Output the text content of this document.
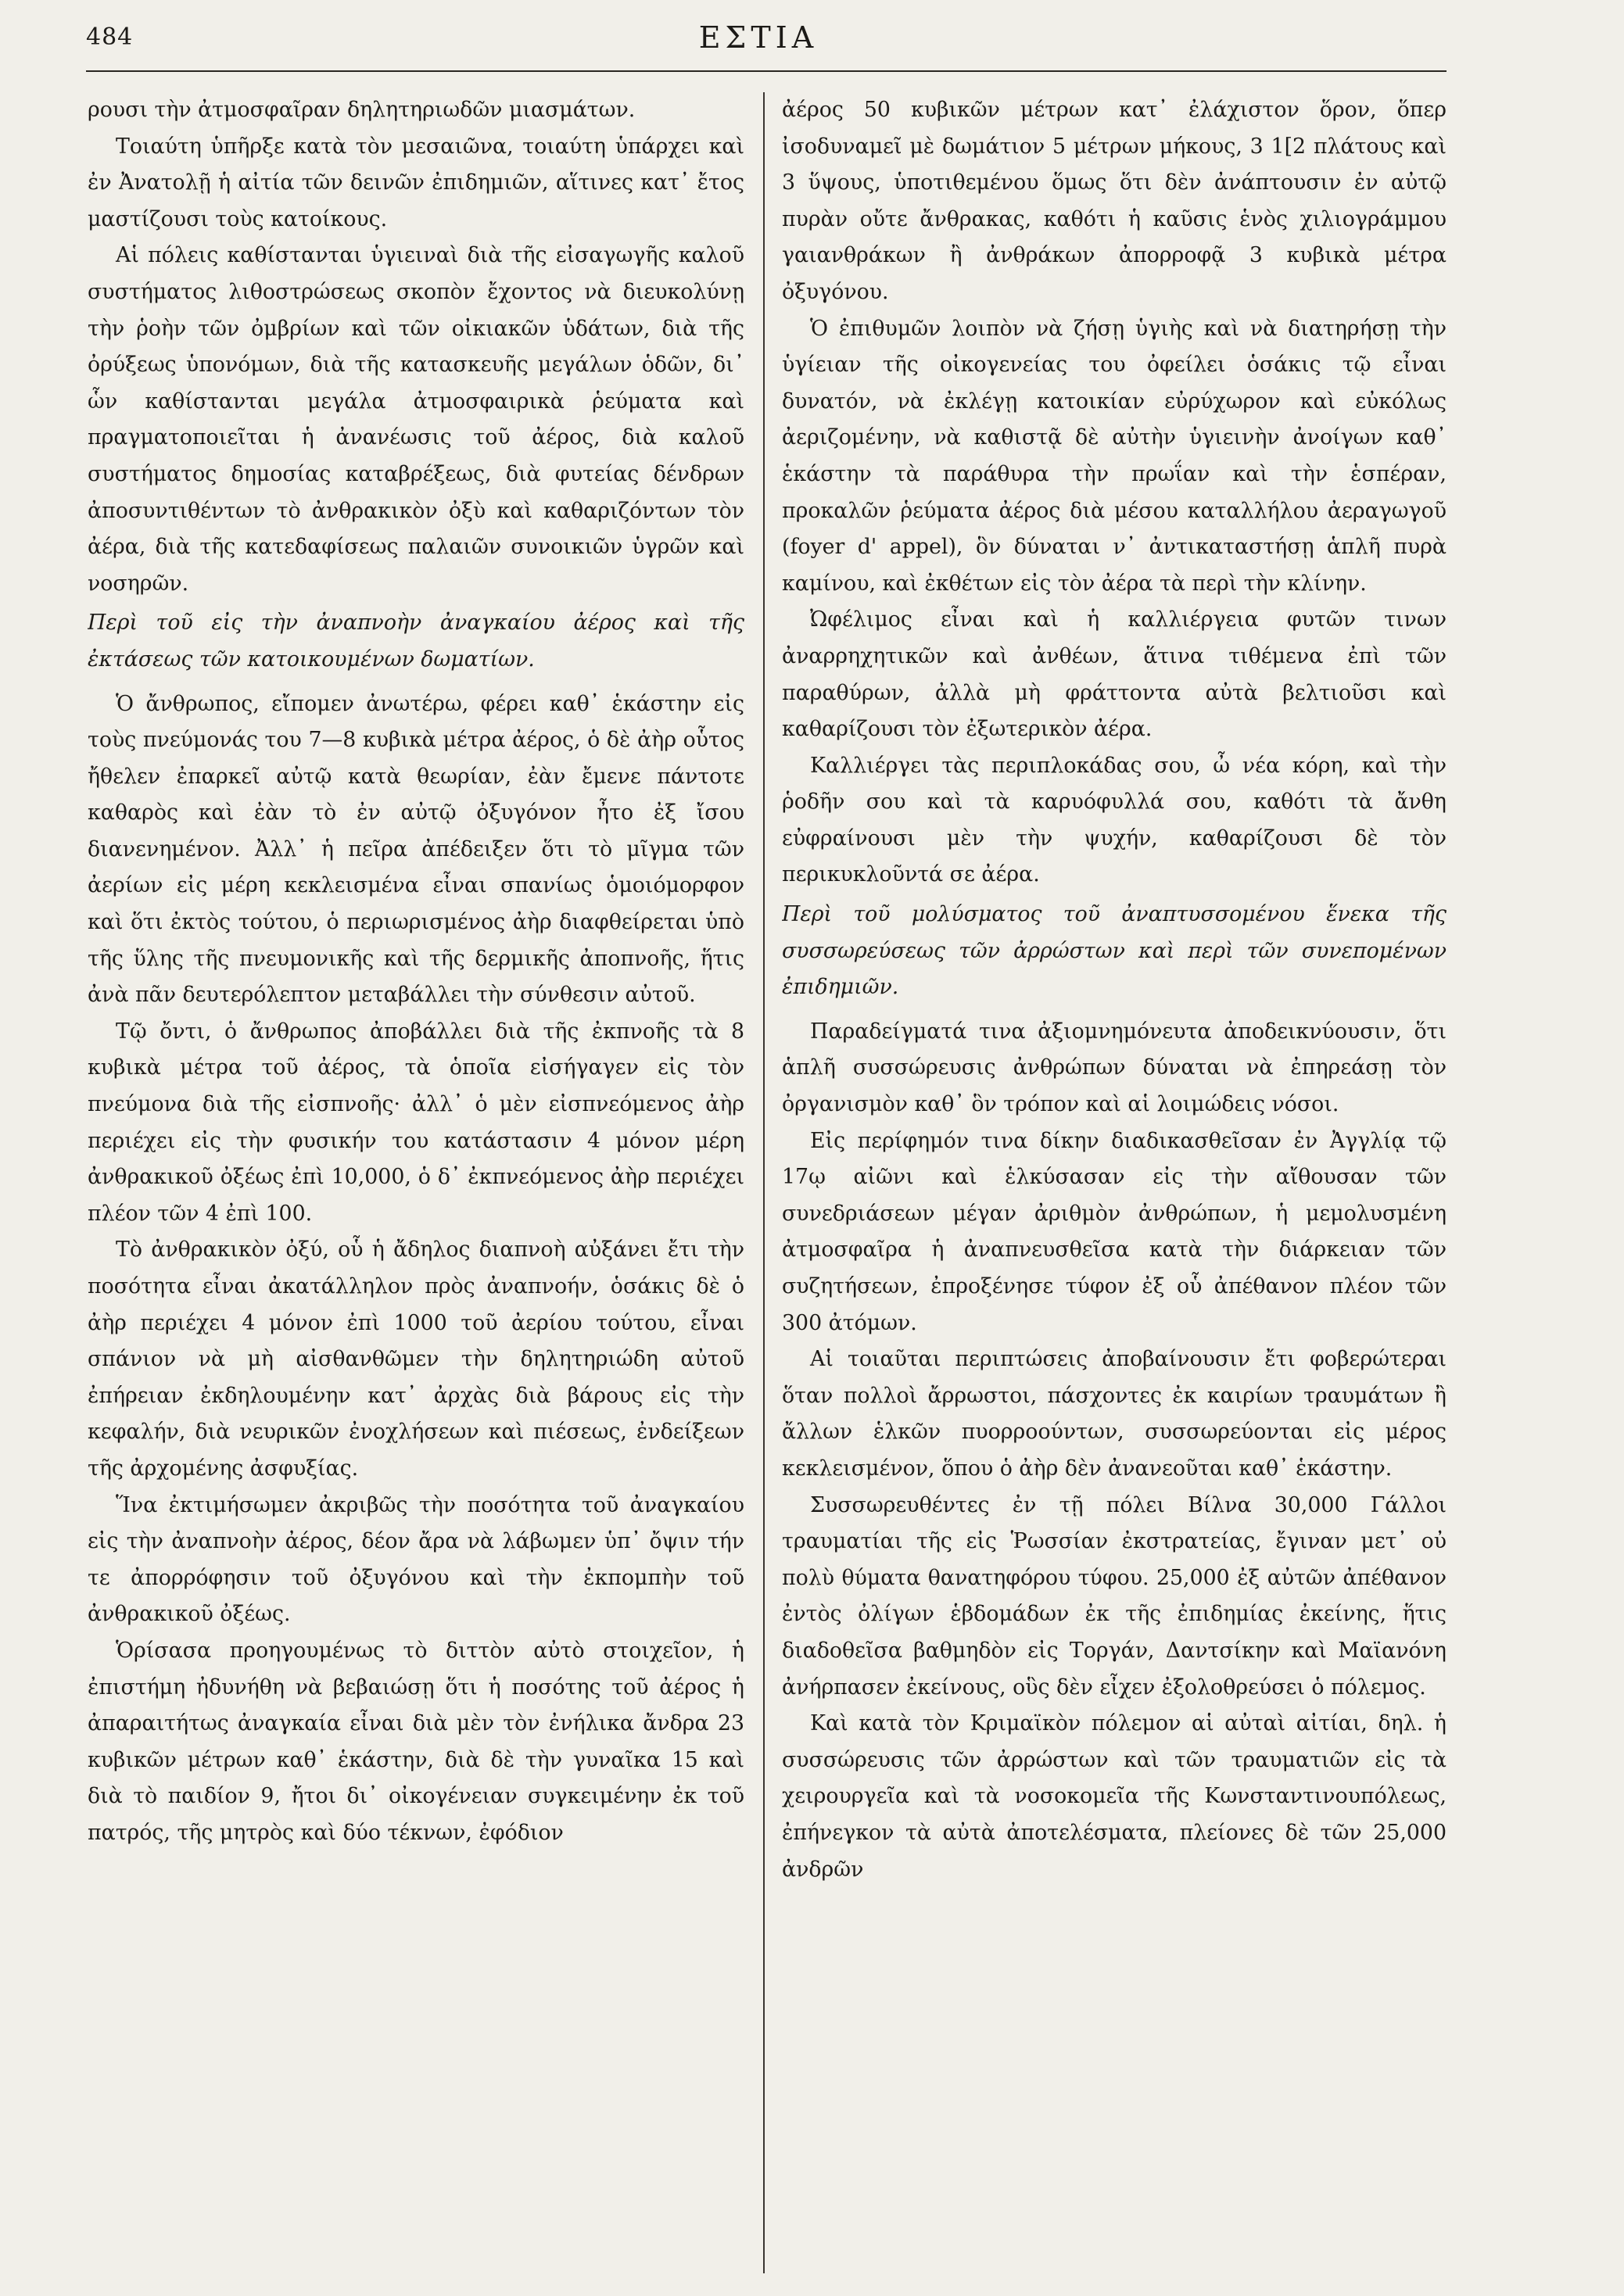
484	ΕΣΤΙΑ

ρουσι τὴν ἀτμοσφαῖραν δηλητηριωδῶν μιασμάτων.

Τοιαύτη ὑπῆρξε κατὰ τὸν μεσαιῶνα, τοιαύτη ὑπάρχει καὶ ἐν Ἀνατολῇ ἡ αἰτία τῶν δεινῶν ἐπιδημιῶν, αἵτινες κατ᾽ ἔτος μαστίζουσι τοὺς κατοίκους.

Αἱ πόλεις καθίστανται ὑγιειναὶ διὰ τῆς εἰσαγωγῆς καλοῦ συστήματος λιθοστρώσεως σκοπὸν ἔχοντος νὰ διευκολύνῃ τὴν ῥοὴν τῶν ὀμβρίων καὶ τῶν οἰκιακῶν ὑδάτων, διὰ τῆς ὀρύξεως ὑπονόμων, διὰ τῆς κατασκευῆς μεγάλων ὁδῶν, δι᾽ ὧν καθίστανται μεγάλα ἀτμοσφαιρικὰ ῥεύματα καὶ πραγματοποιεῖται ἡ ἀνανέωσις τοῦ ἀέρος, διὰ καλοῦ συστήματος δημοσίας καταβρέξεως, διὰ φυτείας δένδρων ἀποσυντιθέντων τὸ ἀνθρακικὸν ὀξὺ καὶ καθαριζόντων τὸν ἀέρα, διὰ τῆς κατεδαφίσεως παλαιῶν συνοικιῶν ὑγρῶν καὶ νοσηρῶν.

Περὶ τοῦ εἰς τὴν ἀναπνοὴν ἀναγκαίου ἀέρος καὶ τῆς ἐκτάσεως τῶν κατοικουμένων δωματίων.

Ὁ ἄνθρωπος, εἴπομεν ἀνωτέρω, φέρει καθ᾽ ἑκάστην εἰς τοὺς πνεύμονάς του 7—8 κυβικὰ μέτρα ἀέρος, ὁ δὲ ἀὴρ οὗτος ἤθελεν ἐπαρκεῖ αὐτῷ κατὰ θεωρίαν, ἐὰν ἔμενε πάντοτε καθαρὸς καὶ ἐὰν τὸ ἐν αὐτῷ ὀξυγόνον ἦτο ἐξ ἴσου διανενημένον. Ἀλλ᾽ ἡ πεῖρα ἀπέδειξεν ὅτι τὸ μῖγμα τῶν ἀερίων εἰς μέρη κεκλεισμένα εἶναι σπανίως ὁμοιόμορφον καὶ ὅτι ἐκτὸς τούτου, ὁ περιωρισμένος ἀὴρ διαφθείρεται ὑπὸ τῆς ὕλης τῆς πνευμονικῆς καὶ τῆς δερμικῆς ἀποπνοῆς, ἥτις ἀνὰ πᾶν δευτερόλεπτον μεταβάλλει τὴν σύνθεσιν αὐτοῦ.

Τῷ ὄντι, ὁ ἄνθρωπος ἀποβάλλει διὰ τῆς ἐκπνοῆς τὰ 8 κυβικὰ μέτρα τοῦ ἀέρος, τὰ ὁποῖα εἰσήγαγεν εἰς τὸν πνεύμονα διὰ τῆς εἰσπνοῆς· ἀλλ᾽ ὁ μὲν εἰσπνεόμενος ἀὴρ περιέχει εἰς τὴν φυσικήν του κατάστασιν 4 μόνον μέρη ἀνθρακικοῦ ὀξέως ἐπὶ 10,000, ὁ δ᾽ ἐκπνεόμενος ἀὴρ περιέχει πλέον τῶν 4 ἐπὶ 100.

Τὸ ἀνθρακικὸν ὀξύ, οὗ ἡ ἄδηλος διαπνοὴ αὐξάνει ἔτι τὴν ποσότητα εἶναι ἀκατάλληλον πρὸς ἀναπνοήν, ὁσάκις δὲ ὁ ἀὴρ περιέχει 4 μόνον ἐπὶ 1000 τοῦ ἀερίου τούτου, εἶναι σπάνιον νὰ μὴ αἰσθανθῶμεν τὴν δηλητηριώδη αὐτοῦ ἐπήρειαν ἐκδηλουμένην κατ᾽ ἀρχὰς διὰ βάρους εἰς τὴν κεφαλήν, διὰ νευρικῶν ἐνοχλήσεων καὶ πιέσεως, ἐνδείξεων τῆς ἀρχομένης ἀσφυξίας.

Ἵνα ἐκτιμήσωμεν ἀκριβῶς τὴν ποσότητα τοῦ ἀναγκαίου εἰς τὴν ἀναπνοὴν ἀέρος, δέον ἄρα νὰ λάβωμεν ὑπ᾽ ὄψιν τήν τε ἀπορρόφησιν τοῦ ὀξυγόνου καὶ τὴν ἐκπομπὴν τοῦ ἀνθρακικοῦ ὀξέως.

Ὁρίσασα προηγουμένως τὸ διττὸν αὐτὸ στοιχεῖον, ἡ ἐπιστήμη ἠδυνήθη νὰ βεβαιώσῃ ὅτι ἡ ποσότης τοῦ ἀέρος ἡ ἀπαραιτήτως ἀναγκαία εἶναι διὰ μὲν τὸν ἐνήλικα ἄνδρα 23 κυβικῶν μέτρων καθ᾽ ἑκάστην, διὰ δὲ τὴν γυναῖκα 15 καὶ διὰ τὸ παιδίον 9, ἤτοι δι᾽ οἰκογένειαν συγκειμένην ἐκ τοῦ πατρός, τῆς μητρὸς καὶ δύο τέκνων, ἐφόδιον

ἀέρος 50 κυβικῶν μέτρων κατ᾽ ἐλάχιστον ὅρον, ὅπερ ἰσοδυναμεῖ μὲ δωμάτιον 5 μέτρων μήκους, 3 1[2 πλάτους καὶ 3 ὕψους, ὑποτιθεμένου ὅμως ὅτι δὲν ἀνάπτουσιν ἐν αὐτῷ πυρὰν οὔτε ἄνθρακας, καθότι ἡ καῦσις ἑνὸς χιλιογράμμου γαιανθράκων ἢ ἀνθράκων ἀπορροφᾷ 3 κυβικὰ μέτρα ὀξυγόνου.

Ὁ ἐπιθυμῶν λοιπὸν νὰ ζήσῃ ὑγιὴς καὶ νὰ διατηρήσῃ τὴν ὑγίειαν τῆς οἰκογενείας του ὀφείλει ὁσάκις τῷ εἶναι δυνατόν, νὰ ἐκλέγῃ κατοικίαν εὐρύχωρον καὶ εὐκόλως ἀεριζομένην, νὰ καθιστᾷ δὲ αὐτὴν ὑγιεινὴν ἀνοίγων καθ᾽ ἑκάστην τὰ παράθυρα τὴν πρωΐαν καὶ τὴν ἑσπέραν, προκαλῶν ῥεύματα ἀέρος διὰ μέσου καταλλήλου ἀεραγωγοῦ (foyer d' appel), ὃν δύναται ν᾽ ἀντικαταστήσῃ ἁπλῆ πυρὰ καμίνου, καὶ ἐκθέτων εἰς τὸν ἀέρα τὰ περὶ τὴν κλίνην.

Ὠφέλιμος εἶναι καὶ ἡ καλλιέργεια φυτῶν τινων ἀναρρηχητικῶν καὶ ἀνθέων, ἅτινα τιθέμενα ἐπὶ τῶν παραθύρων, ἀλλὰ μὴ φράττοντα αὐτὰ βελτιοῦσι καὶ καθαρίζουσι τὸν ἐξωτερικὸν ἀέρα.

Καλλιέργει τὰς περιπλοκάδας σου, ὦ νέα κόρη, καὶ τὴν ῥοδῆν σου καὶ τὰ καρυόφυλλά σου, καθότι τὰ ἄνθη εὐφραίνουσι μὲν τὴν ψυχήν, καθαρίζουσι δὲ τὸν περικυκλοῦντά σε ἀέρα.

Περὶ τοῦ μολύσματος τοῦ ἀναπτυσσομένου ἕνεκα τῆς συσσωρεύσεως τῶν ἀρρώστων καὶ περὶ τῶν συνεπομένων ἐπιδημιῶν.

Παραδείγματά τινα ἀξιομνημόνευτα ἀποδεικνύουσιν, ὅτι ἁπλῆ συσσώρευσις ἀνθρώπων δύναται νὰ ἐπηρεάσῃ τὸν ὀργανισμὸν καθ᾽ ὃν τρόπον καὶ αἱ λοιμώδεις νόσοι.

Εἰς περίφημόν τινα δίκην διαδικασθεῖσαν ἐν Ἀγγλίᾳ τῷ 17ῳ αἰῶνι καὶ ἑλκύσασαν εἰς τὴν αἴθουσαν τῶν συνεδριάσεων μέγαν ἀριθμὸν ἀνθρώπων, ἡ μεμολυσμένη ἀτμοσφαῖρα ἡ ἀναπνευσθεῖσα κατὰ τὴν διάρκειαν τῶν συζητήσεων, ἐπροξένησε τύφον ἐξ οὗ ἀπέθανον πλέον τῶν 300 ἀτόμων.

Αἱ τοιαῦται περιπτώσεις ἀποβαίνουσιν ἔτι φοβερώτεραι ὅταν πολλοὶ ἄρρωστοι, πάσχοντες ἐκ καιρίων τραυμάτων ἢ ἄλλων ἑλκῶν πυορροούντων, συσσωρεύονται εἰς μέρος κεκλεισμένον, ὅπου ὁ ἀὴρ δὲν ἀνανεοῦται καθ᾽ ἑκάστην.

Συσσωρευθέντες ἐν τῇ πόλει Βίλνα 30,000 Γάλλοι τραυματίαι τῆς εἰς Ῥωσσίαν ἐκστρατείας, ἔγιναν μετ᾽ οὐ πολὺ θύματα θανατηφόρου τύφου. 25,000 ἐξ αὐτῶν ἀπέθανον ἐντὸς ὀλίγων ἑβδομάδων ἐκ τῆς ἐπιδημίας ἐκείνης, ἥτις διαδοθεῖσα βαθμηδὸν εἰς Τοργάν, Δαντσίκην καὶ Μαϊανόνη ἀνήρπασεν ἐκείνους, οὓς δὲν εἶχεν ἐξολοθρεύσει ὁ πόλεμος.

Καὶ κατὰ τὸν Κριμαϊκὸν πόλεμον αἱ αὐταὶ αἰτίαι, δηλ. ἡ συσσώρευσις τῶν ἀρρώστων καὶ τῶν τραυματιῶν εἰς τὰ χειρουργεῖα καὶ τὰ νοσοκομεῖα τῆς Κωνσταντινουπόλεως, ἐπήνεγκον τὰ αὐτὰ ἀποτελέσματα, πλείονες δὲ τῶν 25,000 ἀνδρῶν
